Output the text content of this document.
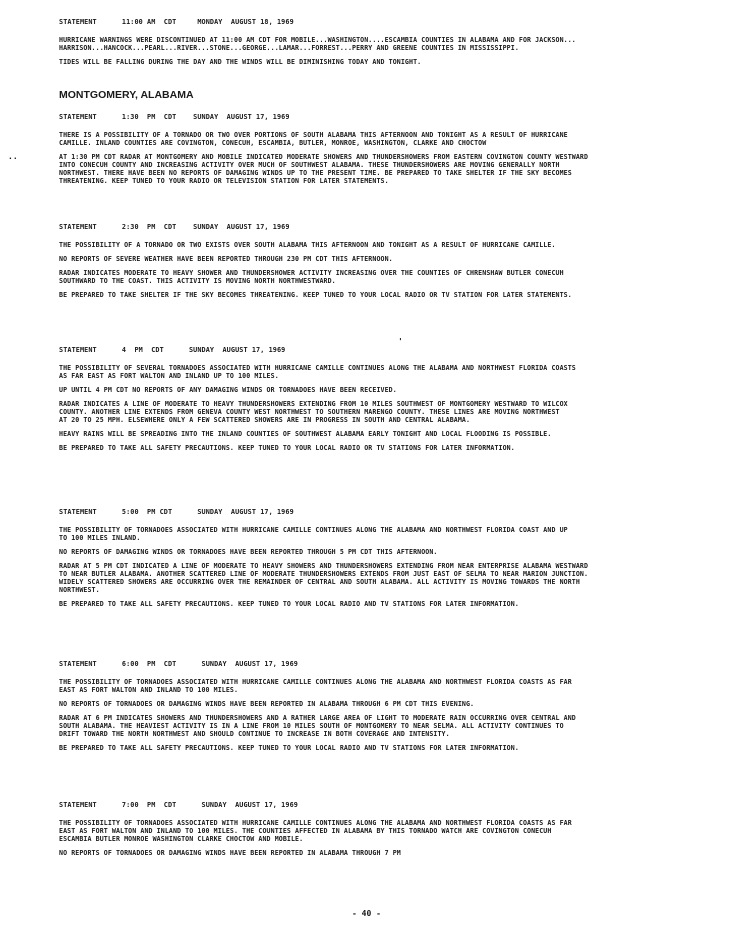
MONTGOMERY, ALABAMA
..
'
STATEMENT      11:00 AM  CDT     MONDAY  AUGUST 18, 1969
HURRICANE WARNINGS WERE DISCONTINUED AT 11:00 AM CDT FOR MOBILE...WASHINGTON....ESCAMBIA COUNTIES IN ALABAMA AND FOR JACKSON...
HARRISON...HANCOCK...PEARL...RIVER...STONE...GEORGE...LAMAR...FORREST...PERRY AND GREENE COUNTIES IN MISSISSIPPI.
TIDES WILL BE FALLING DURING THE DAY AND THE WINDS WILL BE DIMINISHING TODAY AND TONIGHT.
STATEMENT      1:30  PM  CDT    SUNDAY  AUGUST 17, 1969
THERE IS A POSSIBILITY OF A TORNADO OR TWO OVER PORTIONS OF SOUTH ALABAMA THIS AFTERNOON AND TONIGHT AS A RESULT OF HURRICANE
CAMILLE. INLAND COUNTIES ARE COVINGTON, CONECUH, ESCAMBIA, BUTLER, MONROE, WASHINGTON, CLARKE AND CHOCTOW
AT 1:30 PM CDT RADAR AT MONTGOMERY AND MOBILE INDICATED MODERATE SHOWERS AND THUNDERSHOWERS FROM EASTERN COVINGTON COUNTY WESTWARD
INTO CONECUH COUNTY AND INCREASING ACTIVITY OVER MUCH OF SOUTHWEST ALABAMA. THESE THUNDERSHOWERS ARE MOVING GENERALLY NORTH
NORTHWEST. THERE HAVE BEEN NO REPORTS OF DAMAGING WINDS UP TO THE PRESENT TIME. BE PREPARED TO TAKE SHELTER IF THE SKY BECOMES
THREATENING. KEEP TUNED TO YOUR RADIO OR TELEVISION STATION FOR LATER STATEMENTS.
STATEMENT      2:30  PM  CDT    SUNDAY  AUGUST 17, 1969
THE POSSIBILITY OF A TORNADO OR TWO EXISTS OVER SOUTH ALABAMA THIS AFTERNOON AND TONIGHT AS A RESULT OF HURRICANE CAMILLE.
NO REPORTS OF SEVERE WEATHER HAVE BEEN REPORTED THROUGH 230 PM CDT THIS AFTERNOON.
RADAR INDICATES MODERATE TO HEAVY SHOWER AND THUNDERSHOWER ACTIVITY INCREASING OVER THE COUNTIES OF CHRENSHAW BUTLER CONECUH
SOUTHWARD TO THE COAST. THIS ACTIVITY IS MOVING NORTH NORTHWESTWARD.
BE PREPARED TO TAKE SHELTER IF THE SKY BECOMES THREATENING. KEEP TUNED TO YOUR LOCAL RADIO OR TV STATION FOR LATER STATEMENTS.
STATEMENT      4  PM  CDT      SUNDAY  AUGUST 17, 1969
THE POSSIBILITY OF SEVERAL TORNADOES ASSOCIATED WITH HURRICANE CAMILLE CONTINUES ALONG THE ALABAMA AND NORTHWEST FLORIDA COASTS
AS FAR EAST AS FORT WALTON AND INLAND UP TO 100 MILES.
UP UNTIL 4 PM CDT NO REPORTS OF ANY DAMAGING WINDS OR TORNADOES HAVE BEEN RECEIVED.
RADAR INDICATES A LINE OF MODERATE TO HEAVY THUNDERSHOWERS EXTENDING FROM 10 MILES SOUTHWEST OF MONTGOMERY WESTWARD TO WILCOX
COUNTY. ANOTHER LINE EXTENDS FROM GENEVA COUNTY WEST NORTHWEST TO SOUTHERN MARENGO COUNTY. THESE LINES ARE MOVING NORTHWEST
AT 20 TO 25 MPH. ELSEWHERE ONLY A FEW SCATTERED SHOWERS ARE IN PROGRESS IN SOUTH AND CENTRAL ALABAMA.
HEAVY RAINS WILL BE SPREADING INTO THE INLAND COUNTIES OF SOUTHWEST ALABAMA EARLY TONIGHT AND LOCAL FLOODING IS POSSIBLE.
BE PREPARED TO TAKE ALL SAFETY PRECAUTIONS. KEEP TUNED TO YOUR LOCAL RADIO OR TV STATIONS FOR LATER INFORMATION.
STATEMENT      5:00  PM CDT      SUNDAY  AUGUST 17, 1969
THE POSSIBILITY OF TORNADOES ASSOCIATED WITH HURRICANE CAMILLE CONTINUES ALONG THE ALABAMA AND NORTHWEST FLORIDA COAST AND UP
TO 100 MILES INLAND.
NO REPORTS OF DAMAGING WINDS OR TORNADOES HAVE BEEN REPORTED THROUGH 5 PM CDT THIS AFTERNOON.
RADAR AT 5 PM CDT INDICATED A LINE OF MODERATE TO HEAVY SHOWERS AND THUNDERSHOWERS EXTENDING FROM NEAR ENTERPRISE ALABAMA WESTWARD
TO NEAR BUTLER ALABAMA. ANOTHER SCATTERED LINE OF MODERATE THUNDERSHOWERS EXTENDS FROM JUST EAST OF SELMA TO NEAR MARION JUNCTION.
WIDELY SCATTERED SHOWERS ARE OCCURRING OVER THE REMAINDER OF CENTRAL AND SOUTH ALABAMA. ALL ACTIVITY IS MOVING TOWARDS THE NORTH
NORTHWEST.
BE PREPARED TO TAKE ALL SAFETY PRECAUTIONS. KEEP TUNED TO YOUR LOCAL RADIO AND TV STATIONS FOR LATER INFORMATION.
STATEMENT      6:00  PM  CDT      SUNDAY  AUGUST 17, 1969
THE POSSIBILITY OF TORNADOES ASSOCIATED WITH HURRICANE CAMILLE CONTINUES ALONG THE ALABAMA AND NORTHWEST FLORIDA COASTS AS FAR
EAST AS FORT WALTON AND INLAND TO 100 MILES.
NO REPORTS OF TORNADOES OR DAMAGING WINDS HAVE BEEN REPORTED IN ALABAMA THROUGH 6 PM CDT THIS EVENING.
RADAR AT 6 PM INDICATES SHOWERS AND THUNDERSHOWERS AND A RATHER LARGE AREA OF LIGHT TO MODERATE RAIN OCCURRING OVER CENTRAL AND
SOUTH ALABAMA. THE HEAVIEST ACTIVITY IS IN A LINE FROM 10 MILES SOUTH OF MONTGOMERY TO NEAR SELMA. ALL ACTIVITY CONTINUES TO
DRIFT TOWARD THE NORTH NORTHWEST AND SHOULD CONTINUE TO INCREASE IN BOTH COVERAGE AND INTENSITY.
BE PREPARED TO TAKE ALL SAFETY PRECAUTIONS. KEEP TUNED TO YOUR LOCAL RADIO AND TV STATIONS FOR LATER INFORMATION.
STATEMENT      7:00  PM  CDT      SUNDAY  AUGUST 17, 1969
THE POSSIBILITY OF TORNADOES ASSOCIATED WITH HURRICANE CAMILLE CONTINUES ALONG THE ALABAMA AND NORTHWEST FLORIDA COASTS AS FAR
EAST AS FORT WALTON AND INLAND TO 100 MILES. THE COUNTIES AFFECTED IN ALABAMA BY THIS TORNADO WATCH ARE COVINGTON CONECUH
ESCAMBIA BUTLER MONROE WASHINGTON CLARKE CHOCTOW AND MOBILE.
NO REPORTS OF TORNADOES OR DAMAGING WINDS HAVE BEEN REPORTED IN ALABAMA THROUGH 7 PM
- 40 -
